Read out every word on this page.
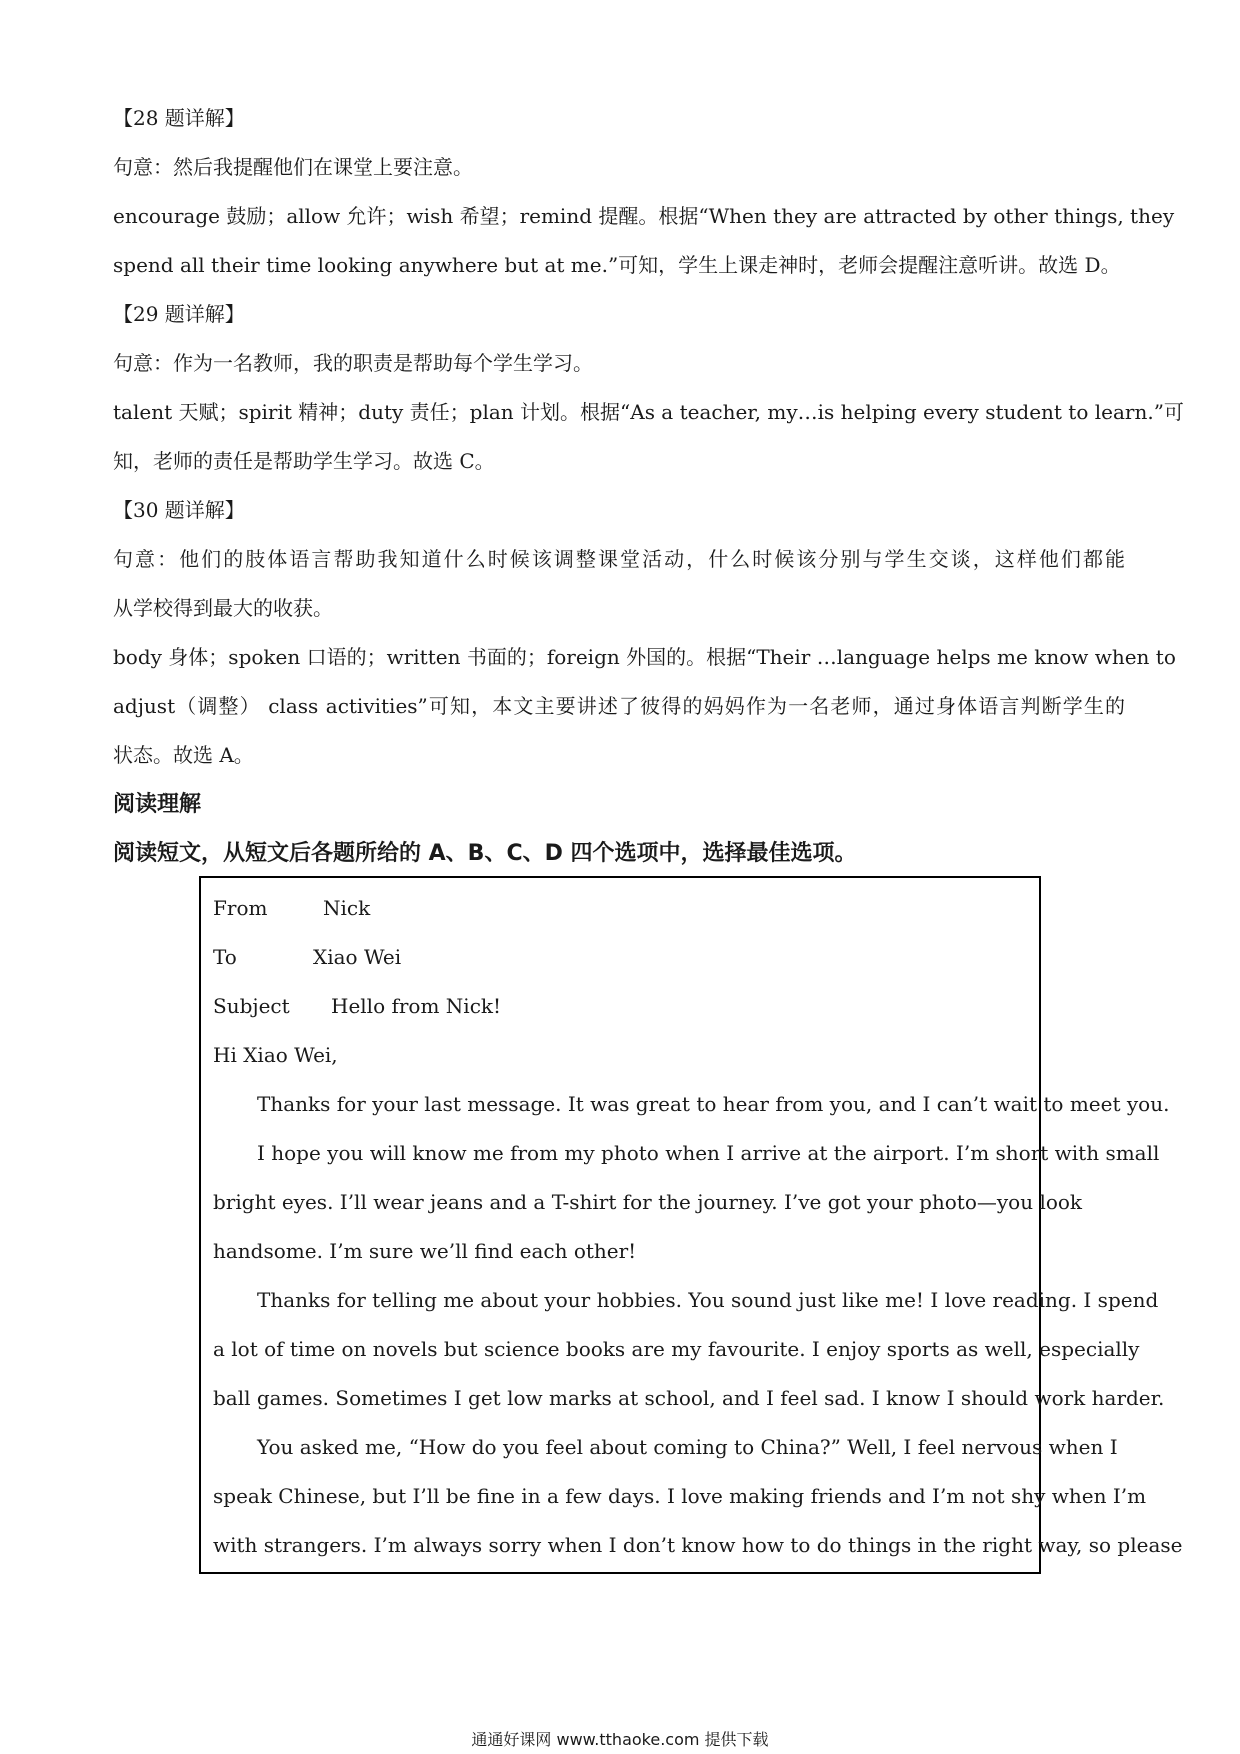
【28 题详解】
句意：然后我提醒他们在课堂上要注意。
encourage 鼓励；allow 允许；wish 希望；remind 提醒。根据“When they are attracted by other things, they
spend all their time looking anywhere but at me.”可知，学生上课走神时，老师会提醒注意听讲。故选 D。
【29 题详解】
句意：作为一名教师，我的职责是帮助每个学生学习。
talent 天赋；spirit 精神；duty 责任；plan 计划。根据“As a teacher, my…is helping every student to learn.”可
知，老师的责任是帮助学生学习。故选 C。
【30 题详解】
句意：他们的肢体语言帮助我知道什么时候该调整课堂活动，什么时候该分别与学生交谈，这样他们都能
从学校得到最大的收获。
body 身体；spoken 口语的；written 书面的；foreign 外国的。根据“Their …language helps me know when to
adjust（调整） class activities”可知，本文主要讲述了彼得的妈妈作为一名老师，通过身体语言判断学生的
状态。故选 A。
阅读理解
阅读短文，从短文后各题所给的 A、B、C、D 四个选项中，选择最佳选项。
From	Nick
To	Xiao Wei
Subject Hello from Nick!
Hi Xiao Wei,
Thanks for your last message. It was great to hear from you, and I can’t wait to meet you.
I hope you will know me from my photo when I arrive at the airport. I’m short with small
bright eyes. I’ll wear jeans and a T-shirt for the journey. I’ve got your photo—you look
handsome. I’m sure we’ll find each other!
Thanks for telling me about your hobbies. You sound just like me! I love reading. I spend
a lot of time on novels but science books are my favourite. I enjoy sports as well, especially
ball games. Sometimes I get low marks at school, and I feel sad. I know I should work harder.
You asked me, “How do you feel about coming to China?” Well, I feel nervous when I
speak Chinese, but I’ll be fine in a few days. I love making friends and I’m not shy when I’m
with strangers. I’m always sorry when I don’t know how to do things in the right way, so please
通通好课网 www.tthaoke.com 提供下载
